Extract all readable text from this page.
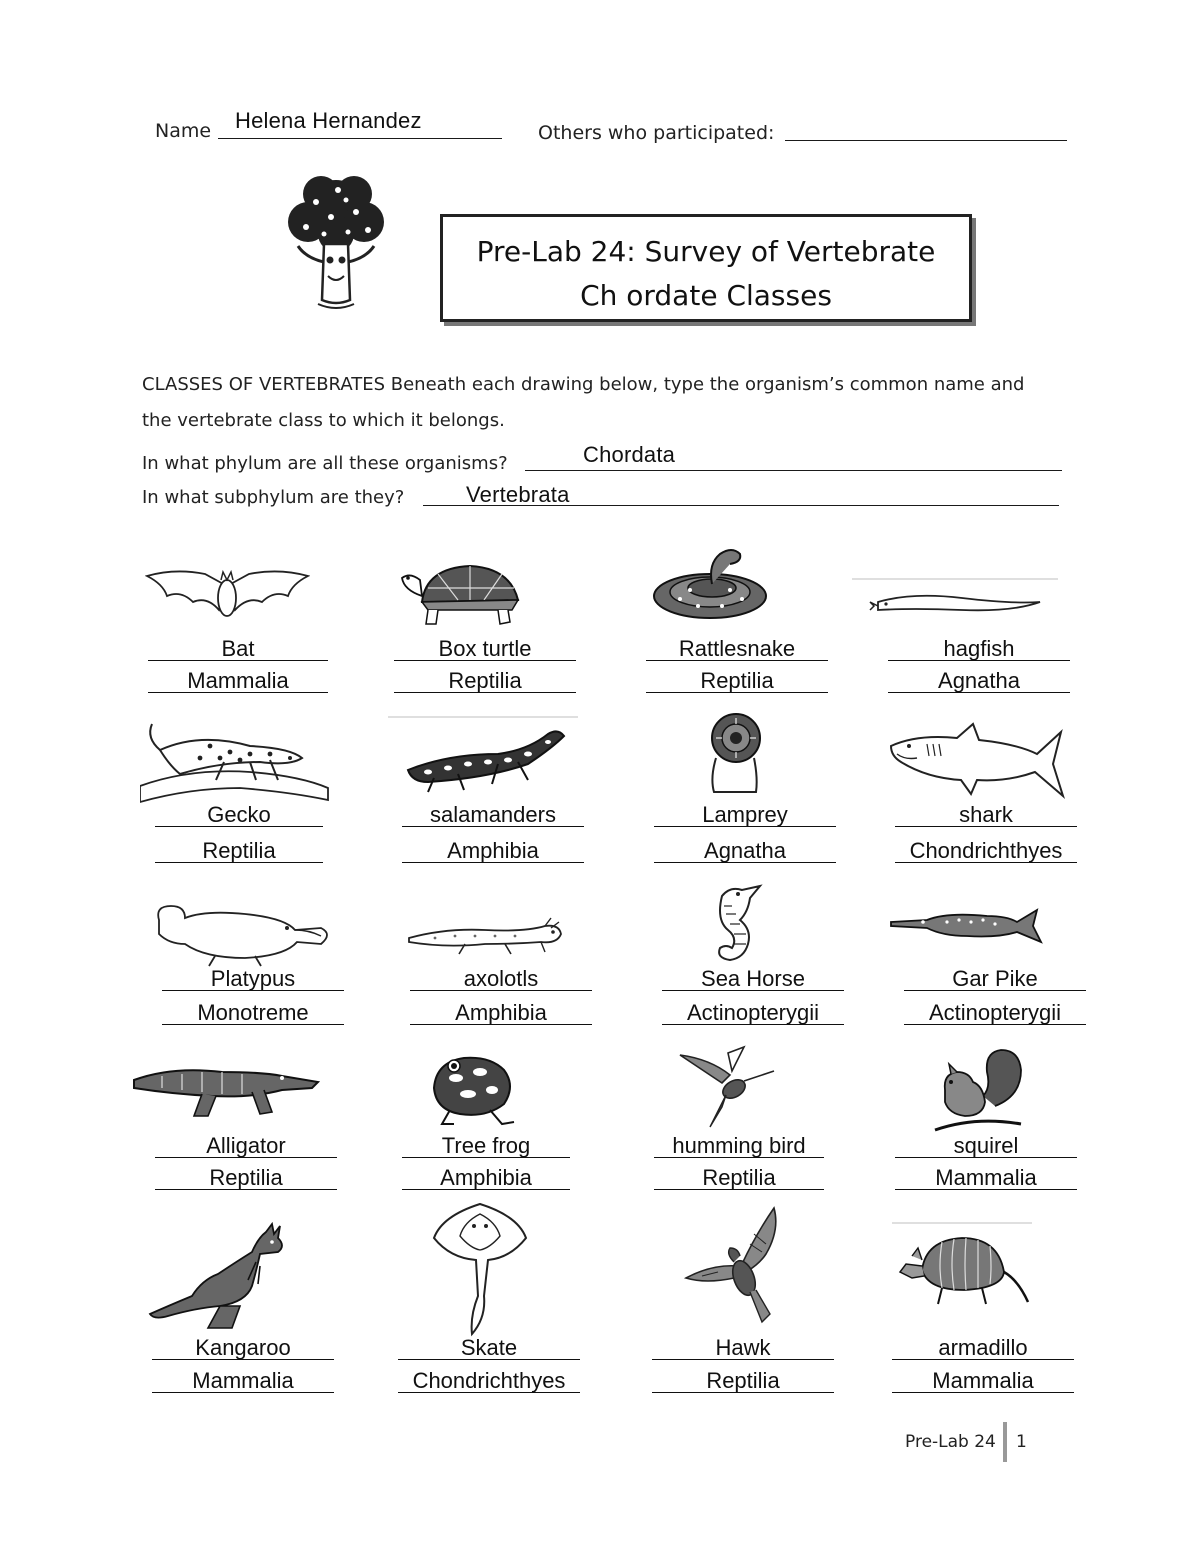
Name Helena Hernandez	Others who participated:
Pre-Lab 24: Survey of Vertebrate
Ch ordate Classes
CLASSES OF VERTEBRATES Beneath each drawing below, type the organism’s common name and
the vertebrate class to which it belongs.
In what phylum are all these organisms?	Chordata
In what subphylum are they?	Vertebrata
Bat
Mammalia
Box turtle
Reptilia
Rattlesnake
Reptilia
hagfish
Agnatha
Gecko
Reptilia
salamanders
Amphibia
Lamprey
Agnatha
shark
Chondrichthyes
Platypus
Monotreme
axolotls
Amphibia
Sea Horse
Actinopterygii
Gar Pike
Actinopterygii
Alligator
Reptilia
Tree frog
Amphibia
humming bird
Reptilia
squirel
Mammalia
Kangaroo
Mammalia
Skate
Chondrichthyes
Hawk
Reptilia
armadillo
Mammalia
Pre-Lab 24 1
